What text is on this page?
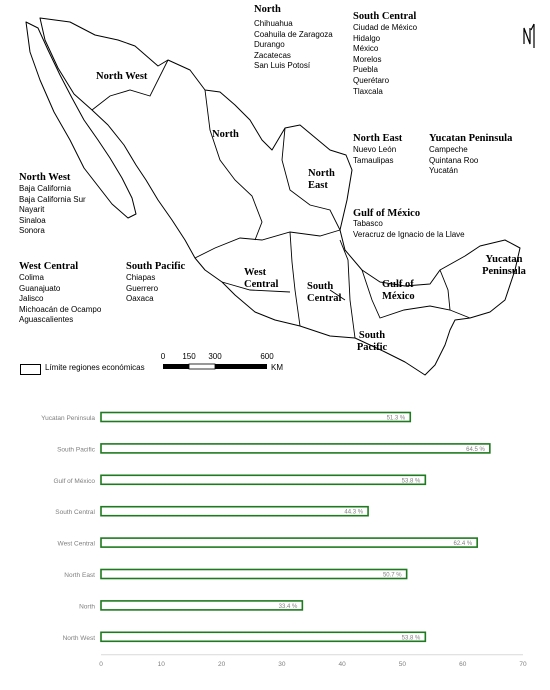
North West
North
North East
West Central	South Central
Gulf of México
Yucatan Peninsula
South Pacific
North
Chihuahua
Coahuila de Zaragoza
Durango
Zacatecas
San Luis Potosí
South Central
Ciudad de México
Hidalgo
México
Morelos
Puebla
Querétaro
Tlaxcala
North East
Nuevo León
Tamaulipas
Yucatan Peninsula
Campeche
Quintana Roo
Yucatán
Gulf of México
Tabasco
Veracruz de Ignacio de la Llave
North West
Baja California
Baja California Sur
Nayarit
Sinaloa
Sonora
West Central
Colima
Guanajuato
Jalisco
Michoacán de Ocampo
Aguascalientes
South Pacific
Chiapas
Guerrero
Oaxaca
Límite regiones económicas
0 150 300	600
KM
Yucatan Peninsula	51.3 %
South Pacific	64.5 %
Gulf of México	53.8 %
South Central	44.3 %
West Central	62.4 %
North East	50.7 %
North	33.4 %
North West	53.8 %
0	10	20	30	40	50	60	70
